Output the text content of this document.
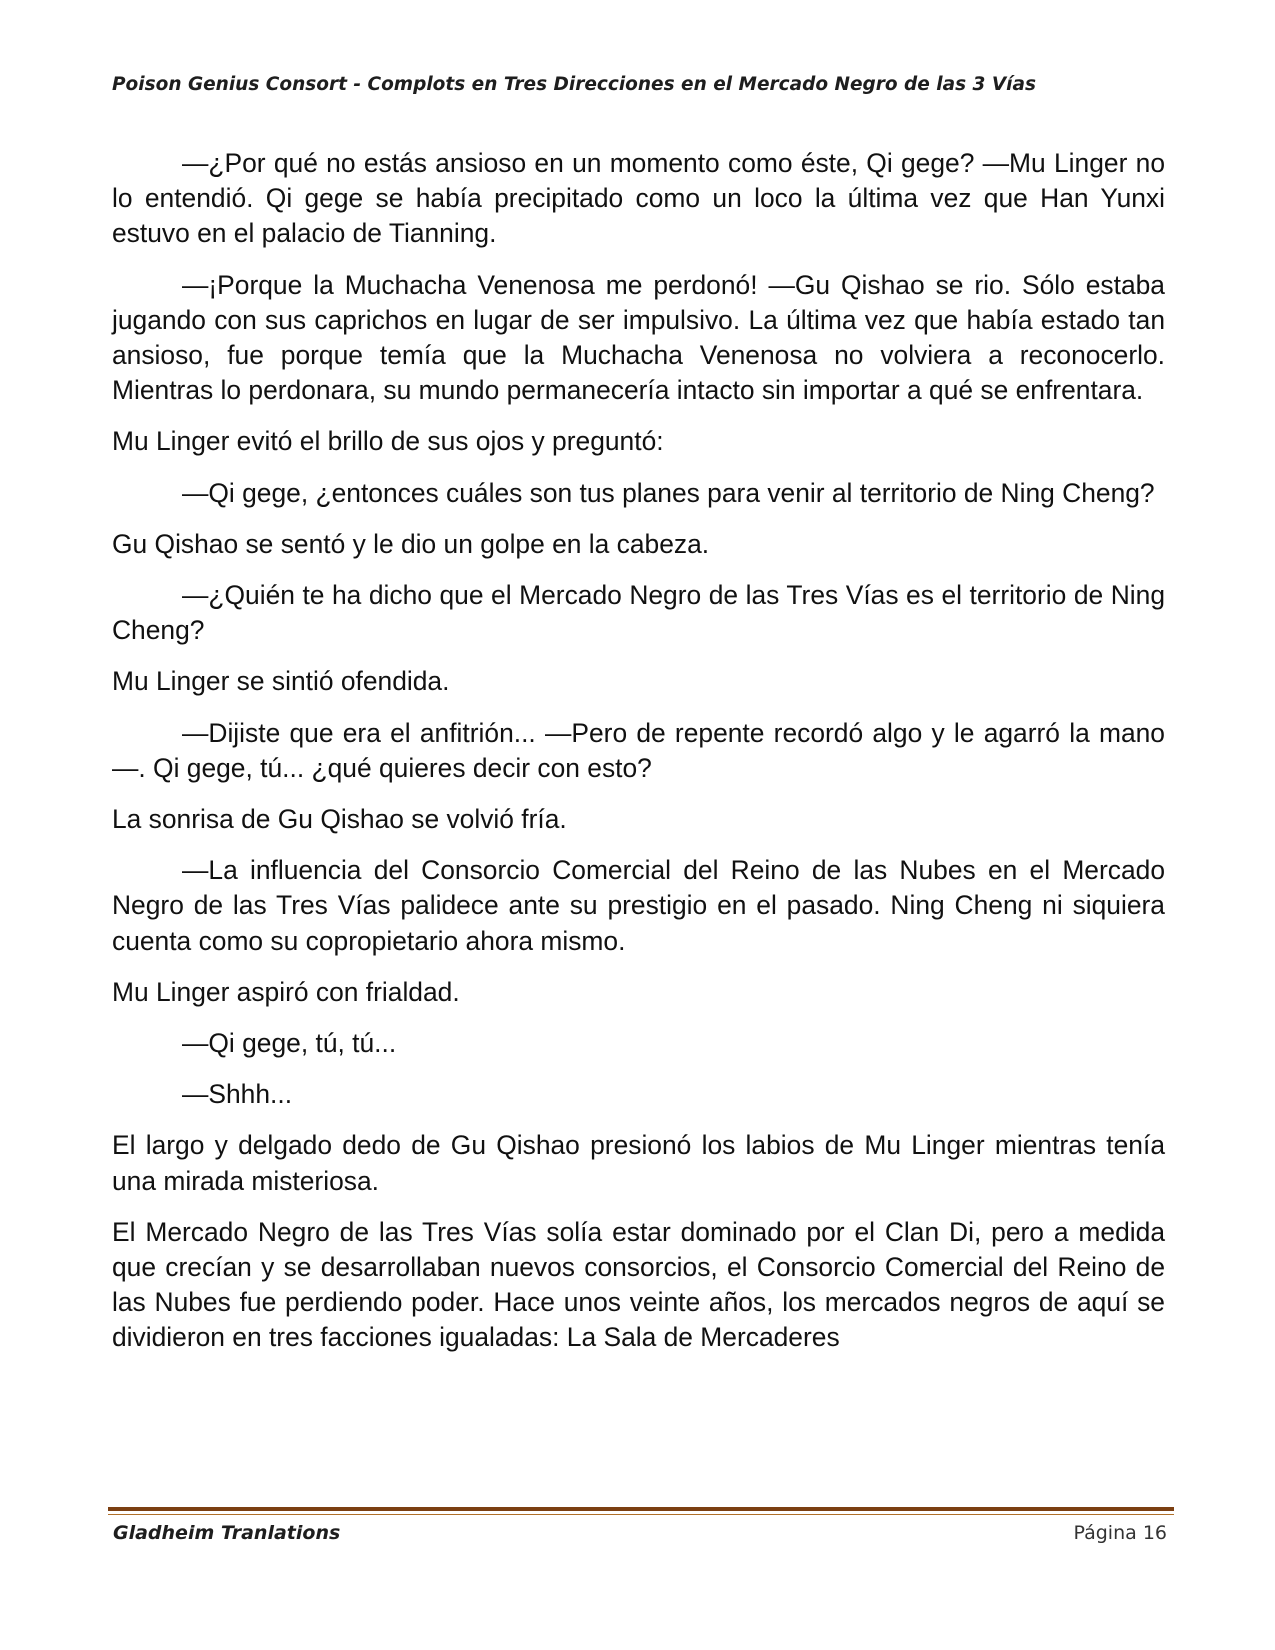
Poison Genius Consort - Complots en Tres Direcciones en el Mercado Negro de las 3 Vías

—¿Por qué no estás ansioso en un momento como éste, Qi gege? —Mu Linger no lo entendió. Qi gege se había precipitado como un loco la última vez que Han Yunxi estuvo en el palacio de Tianning.

—¡Porque la Muchacha Venenosa me perdonó! —Gu Qishao se rio. Sólo estaba jugando con sus caprichos en lugar de ser impulsivo. La última vez que había estado tan ansioso, fue porque temía que la Muchacha Venenosa no volviera a reconocerlo. Mientras lo perdonara, su mundo permanecería intacto sin importar a qué se enfrentara.

Mu Linger evitó el brillo de sus ojos y preguntó:

—Qi gege, ¿entonces cuáles son tus planes para venir al territorio de Ning Cheng?

Gu Qishao se sentó y le dio un golpe en la cabeza.

—¿Quién te ha dicho que el Mercado Negro de las Tres Vías es el territorio de Ning Cheng?

Mu Linger se sintió ofendida.

—Dijiste que era el anfitrión... —Pero de repente recordó algo y le agarró la mano—. Qi gege, tú... ¿qué quieres decir con esto?

La sonrisa de Gu Qishao se volvió fría.

—La influencia del Consorcio Comercial del Reino de las Nubes en el Mercado Negro de las Tres Vías palidece ante su prestigio en el pasado. Ning Cheng ni siquiera cuenta como su copropietario ahora mismo.

Mu Linger aspiró con frialdad.

—Qi gege, tú, tú...

—Shhh...

El largo y delgado dedo de Gu Qishao presionó los labios de Mu Linger mientras tenía una mirada misteriosa.

El Mercado Negro de las Tres Vías solía estar dominado por el Clan Di, pero a medida que crecían y se desarrollaban nuevos consorcios, el Consorcio Comercial del Reino de las Nubes fue perdiendo poder. Hace unos veinte años, los mercados negros de aquí se dividieron en tres facciones igualadas: La Sala de Mercaderes

Gladheim Tranlations	Página 16
